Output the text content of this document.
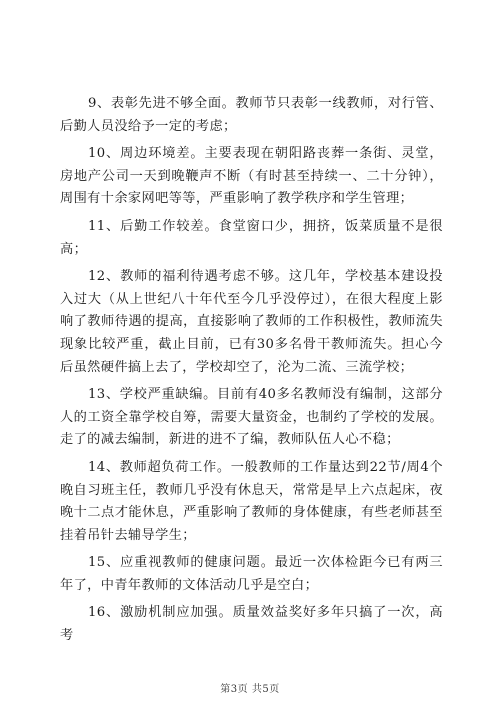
9、表彰先进不够全面。教师节只表彰一线教师，对行管、后勤人员没给予一定的考虑；

10、周边环境差。主要表现在朝阳路丧葬一条街、灵堂，房地产公司一天到晚鞭声不断（有时甚至持续一、二十分钟），周围有十余家网吧等等，严重影响了教学秩序和学生管理；

11、后勤工作较差。食堂窗口少，拥挤，饭菜质量不是很高；

12、教师的福利待遇考虑不够。这几年，学校基本建设投入过大（从上世纪八十年代至今几乎没停过），在很大程度上影响了教师待遇的提高，直接影响了教师的工作积极性，教师流失现象比较严重，截止目前，已有30多名骨干教师流失。担心今后虽然硬件搞上去了，学校却空了，沦为二流、三流学校；

13、学校严重缺编。目前有40多名教师没有编制，这部分人的工资全靠学校自筹，需要大量资金，也制约了学校的发展。走了的减去编制，新进的进不了编，教师队伍人心不稳；

14、教师超负荷工作。一般教师的工作量达到22节/周4个晚自习班主任，教师几乎没有休息天，常常是早上六点起床，夜晚十二点才能休息，严重影响了教师的身体健康，有些老师甚至挂着吊针去辅导学生；

15、应重视教师的健康问题。最近一次体检距今已有两三年了，中青年教师的文体活动几乎是空白；

16、激励机制应加强。质量效益奖好多年只搞了一次，高考

第3页 共5页
